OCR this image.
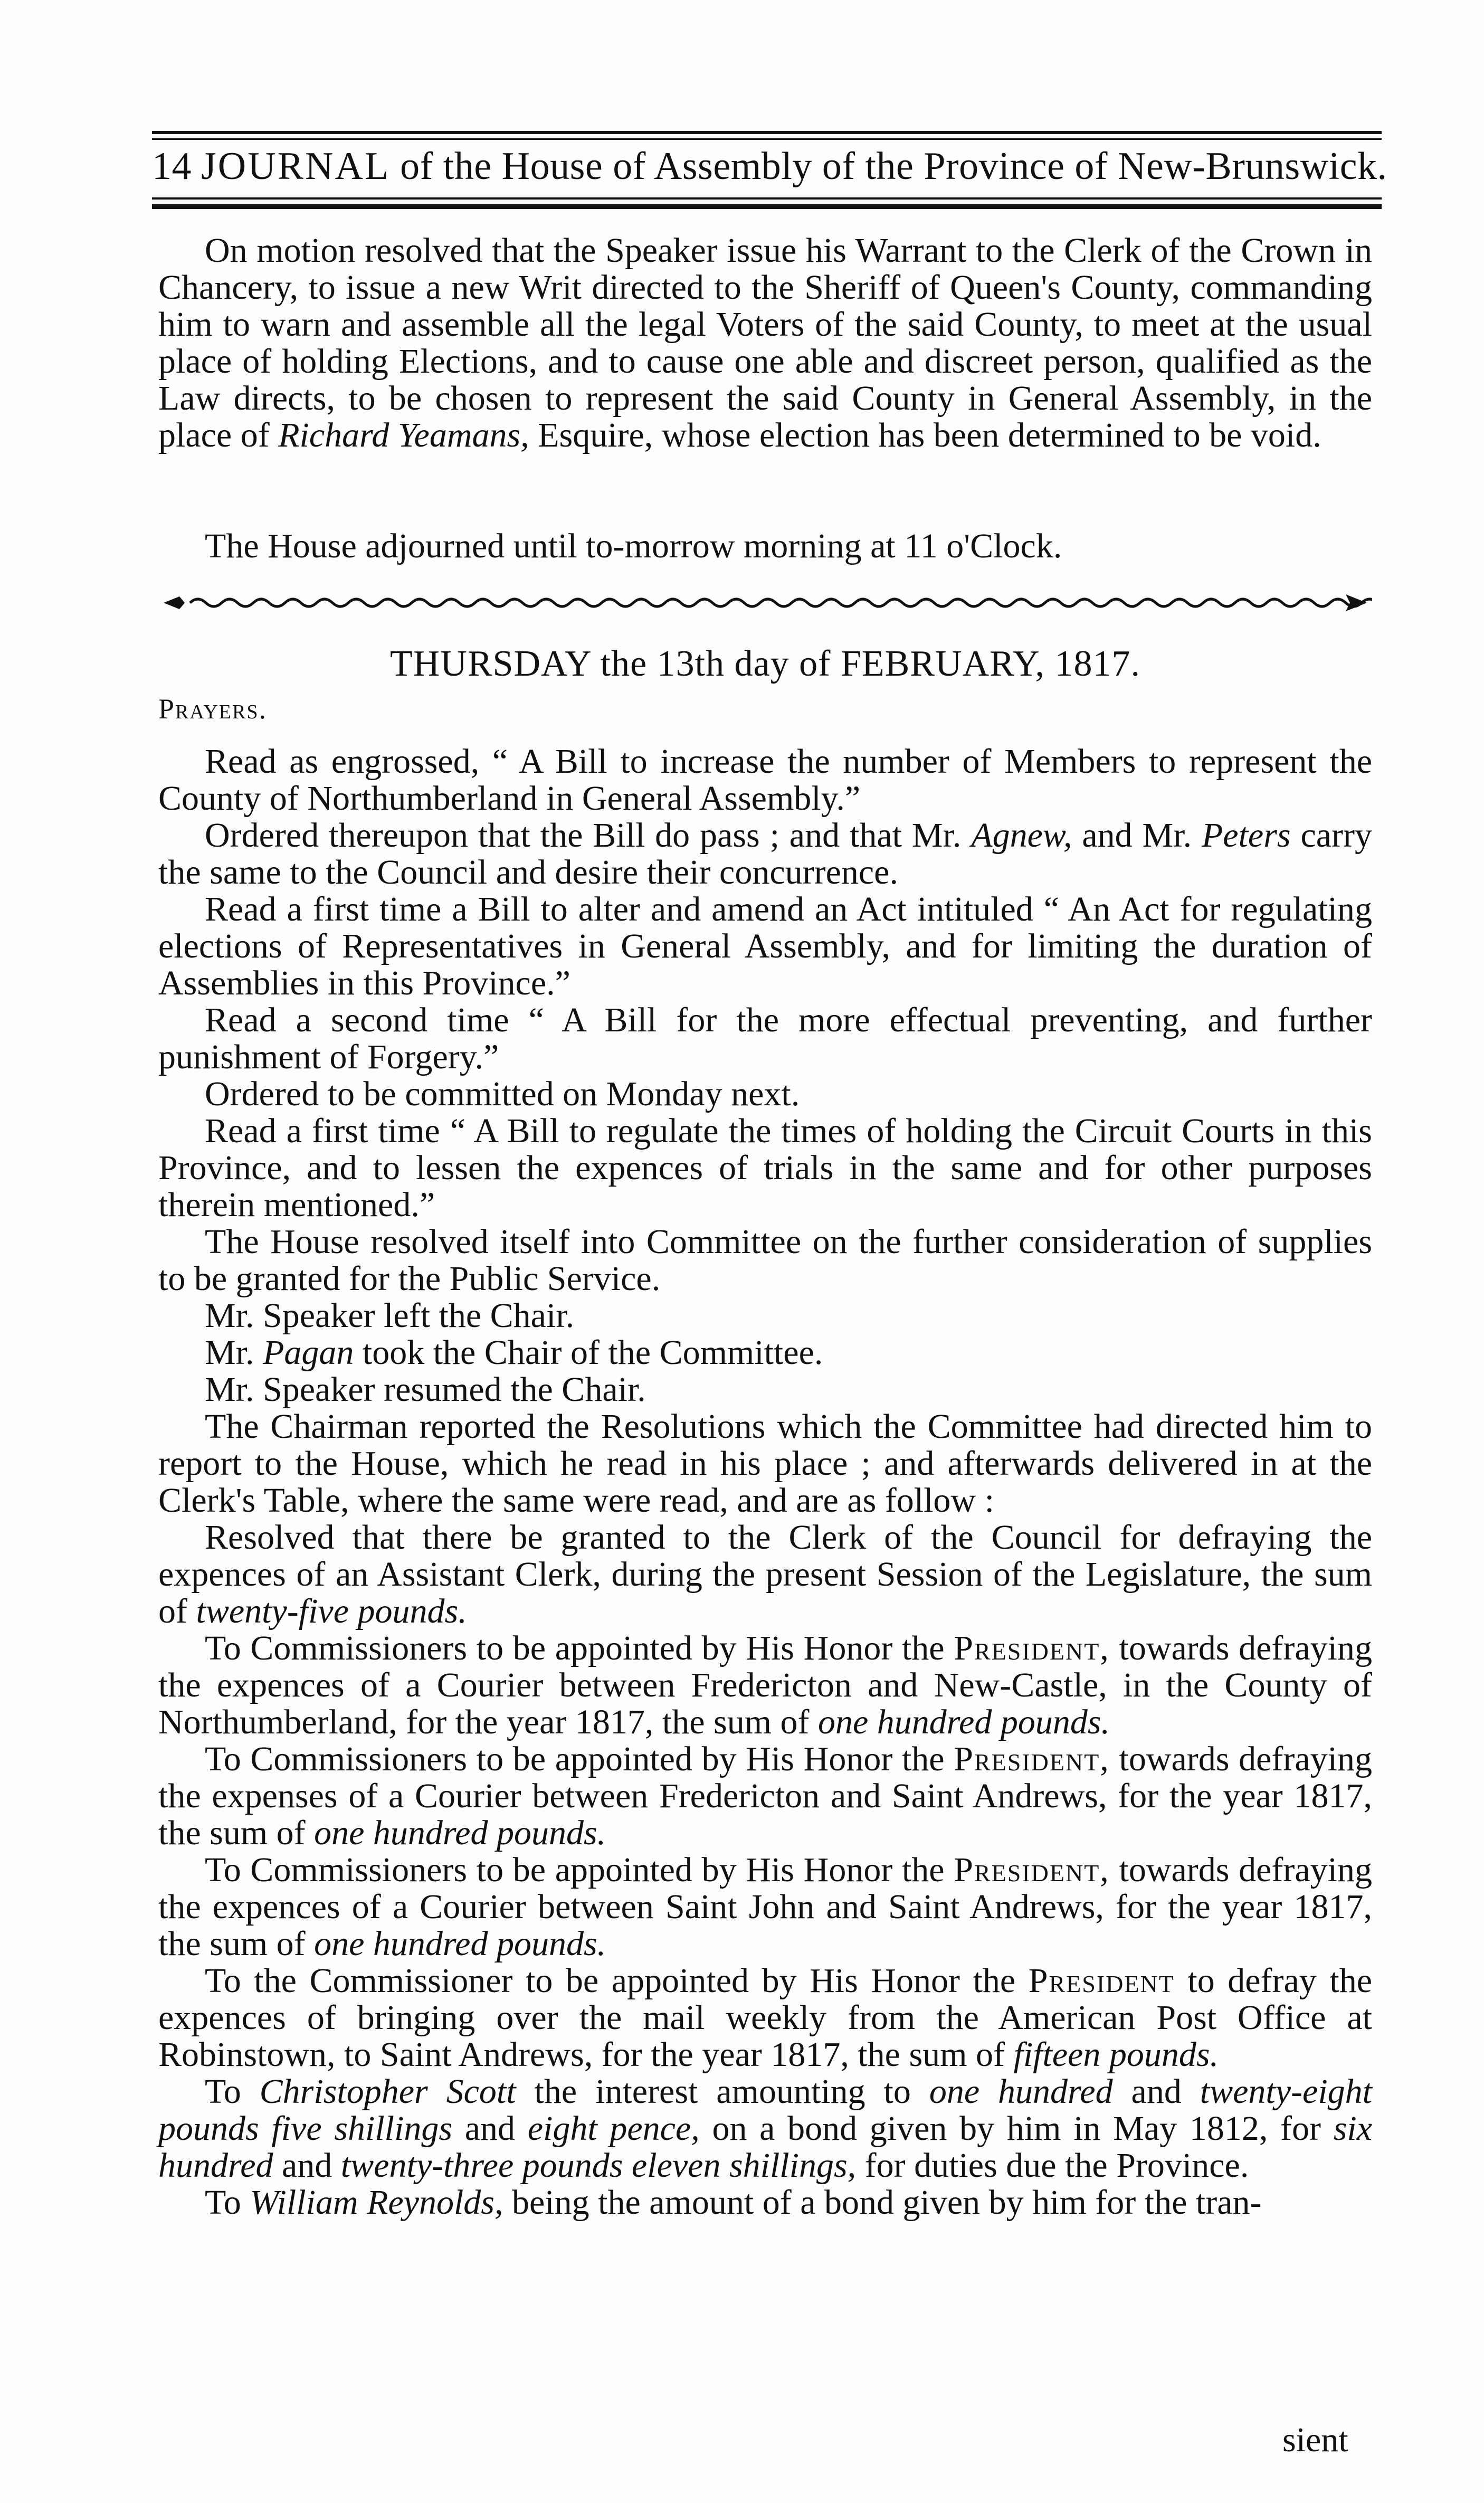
14 JOURNAL of the House of Assembly of the Province of New-Brunswick.

On motion resolved that the Speaker issue his Warrant to the Clerk of the Crown in Chancery, to issue a new Writ directed to the Sheriff of Queen's County, commanding him to warn and assemble all the legal Voters of the said County, to meet at the usual place of holding Elections, and to cause one able and discreet person, qualified as the Law directs, to be chosen to represent the said County in General Assembly, in the place of Richard Yeamans, Esquire, whose election has been determined to be void.

The House adjourned until to-morrow morning at 11 o'Clock.

THURSDAY the 13th day of FEBRUARY, 1817.
Prayers.

Read as engrossed, “ A Bill to increase the number of Members to represent the County of Northumberland in General Assembly.”

Ordered thereupon that the Bill do pass ; and that Mr. Agnew, and Mr. Peters carry the same to the Council and desire their concurrence.

Read a first time a Bill to alter and amend an Act intituled “ An Act for regulating elections of Representatives in General Assembly, and for limiting the duration of Assemblies in this Province.”

Read a second time “ A Bill for the more effectual preventing, and further punishment of Forgery.”

Ordered to be committed on Monday next.

Read a first time “ A Bill to regulate the times of holding the Circuit Courts in this Province, and to lessen the expences of trials in the same and for other purposes therein mentioned.”

The House resolved itself into Committee on the further consideration of supplies to be granted for the Public Service.

Mr. Speaker left the Chair.

Mr. Pagan took the Chair of the Committee.

Mr. Speaker resumed the Chair.

The Chairman reported the Resolutions which the Committee had directed him to report to the House, which he read in his place ; and afterwards delivered in at the Clerk's Table, where the same were read, and are as follow :

Resolved that there be granted to the Clerk of the Council for defraying the expences of an Assistant Clerk, during the present Session of the Legislature, the sum of twenty-five pounds.

To Commissioners to be appointed by His Honor the President, towards defraying the expences of a Courier between Fredericton and New-Castle, in the County of Northumberland, for the year 1817, the sum of one hundred pounds.

To Commissioners to be appointed by His Honor the President, towards defraying the expenses of a Courier between Fredericton and Saint Andrews, for the year 1817, the sum of one hundred pounds.

To Commissioners to be appointed by His Honor the President, towards defraying the expences of a Courier between Saint John and Saint Andrews, for the year 1817, the sum of one hundred pounds.

To the Commissioner to be appointed by His Honor the President to defray the expences of bringing over the mail weekly from the American Post Office at Robinstown, to Saint Andrews, for the year 1817, the sum of fifteen pounds.

To Christopher Scott the interest amounting to one hundred and twenty-eight pounds five shillings and eight pence, on a bond given by him in May 1812, for six hundred and twenty-three pounds eleven shillings, for duties due the Province.

To William Reynolds, being the amount of a bond given by him for the tran-

sient
